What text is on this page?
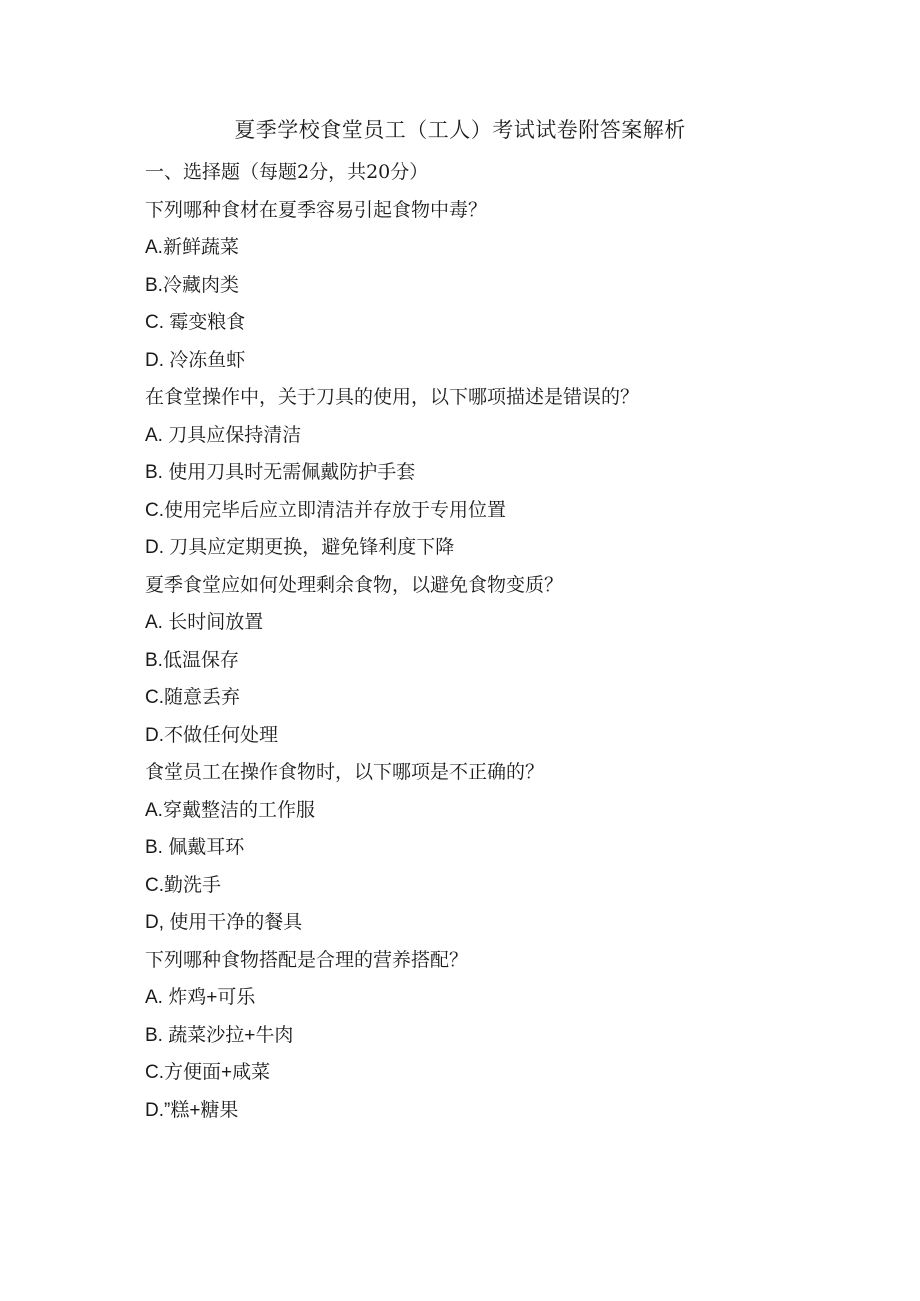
夏季学校食堂员工（工人）考试试卷附答案解析
一、选择题（每题2分，共20分）
下列哪种食材在夏季容易引起食物中毒？
A.新鲜蔬菜
B.冷藏肉类
C. 霉变粮食
D. 冷冻鱼虾
在食堂操作中，关于刀具的使用，以下哪项描述是错误的？
A. 刀具应保持清洁
B. 使用刀具时无需佩戴防护手套
C.使用完毕后应立即清洁并存放于专用位置
D. 刀具应定期更换，避免锋利度下降
夏季食堂应如何处理剩余食物，以避免食物变质？
A. 长时间放置
B.低温保存
C.随意丢弃
D.不做任何处理
食堂员工在操作食物时，以下哪项是不正确的？
A.穿戴整洁的工作服
B. 佩戴耳环
C.勤洗手
D, 使用干净的餐具
下列哪种食物搭配是合理的营养搭配？
A. 炸鸡+可乐
B. 蔬菜沙拉+牛肉
C.方便面+咸菜
D.”糕+糖果
